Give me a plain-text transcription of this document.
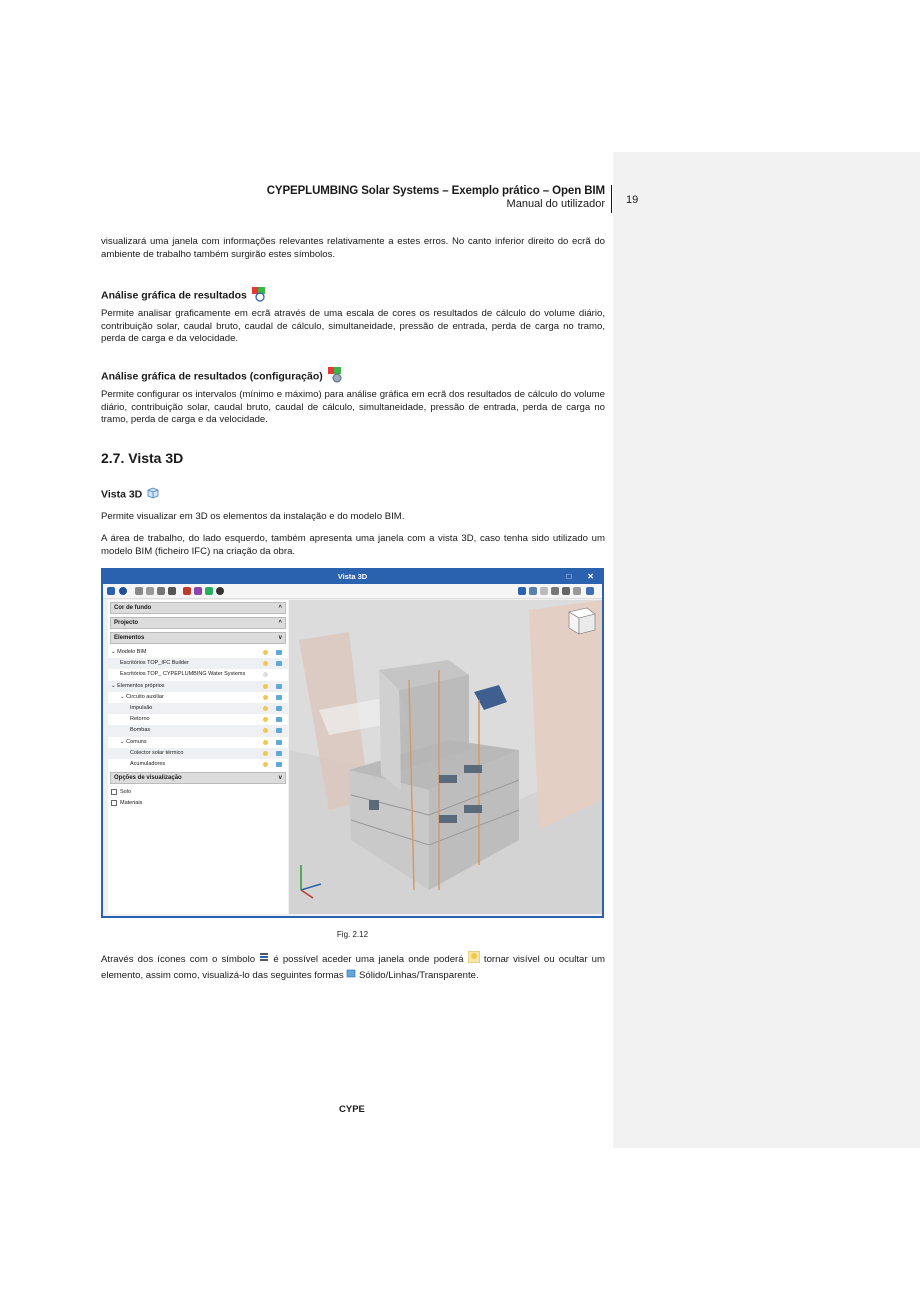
CYPEPLUMBING Solar Systems – Exemplo prático – Open BIM
Manual do utilizador 19
visualizará uma janela com informações relevantes relativamente a estes erros. No canto inferior direito do ecrã do ambiente de trabalho também surgirão estes símbolos.
Análise gráfica de resultados
Permite analisar graficamente em ecrã através de uma escala de cores os resultados de cálculo do volume diário, contribuição solar, caudal bruto, caudal de cálculo, simultaneidade, pressão de entrada, perda de carga no tramo, perda de carga e da velocidade.
Análise gráfica de resultados (configuração)
Permite configurar os intervalos (mínimo e máximo) para análise gráfica em ecrã dos resultados de cálculo do volume diário, contribuição solar, caudal bruto, caudal de cálculo, simultaneidade, pressão de entrada, perda de carga no tramo, perda de carga e da velocidade.
2.7. Vista 3D
Vista 3D
Permite visualizar em 3D os elementos da instalação e do modelo BIM.
A área de trabalho, do lado esquerdo, também apresenta uma janela com a vista 3D, caso tenha sido utilizado um modelo BIM (ficheiro IFC) na criação da obra.
Vista 3D	□ ✕
Cor de fundo	^
Projecto	^
Elementos	v
⌄ Modelo BIM
Escritórios TOP_IFC Builder
Escritórios TOP_ CYPEPLUMBING Water Systems
⌄ Elementos próprios
⌄ Circuito auxiliar
Impulsão
Retorno
Bombas
⌄ Comuns
Colector solar térmico
Acumuladores
Opções de visualização	v
Solo
Materiais
Fig. 2.12
Através dos ícones com o símbolo é possível aceder uma janela onde poderá tornar visível ou ocultar um elemento, assim como, visualizá-lo das seguintes formas Sólido/Linhas/Transparente.
CYPE
